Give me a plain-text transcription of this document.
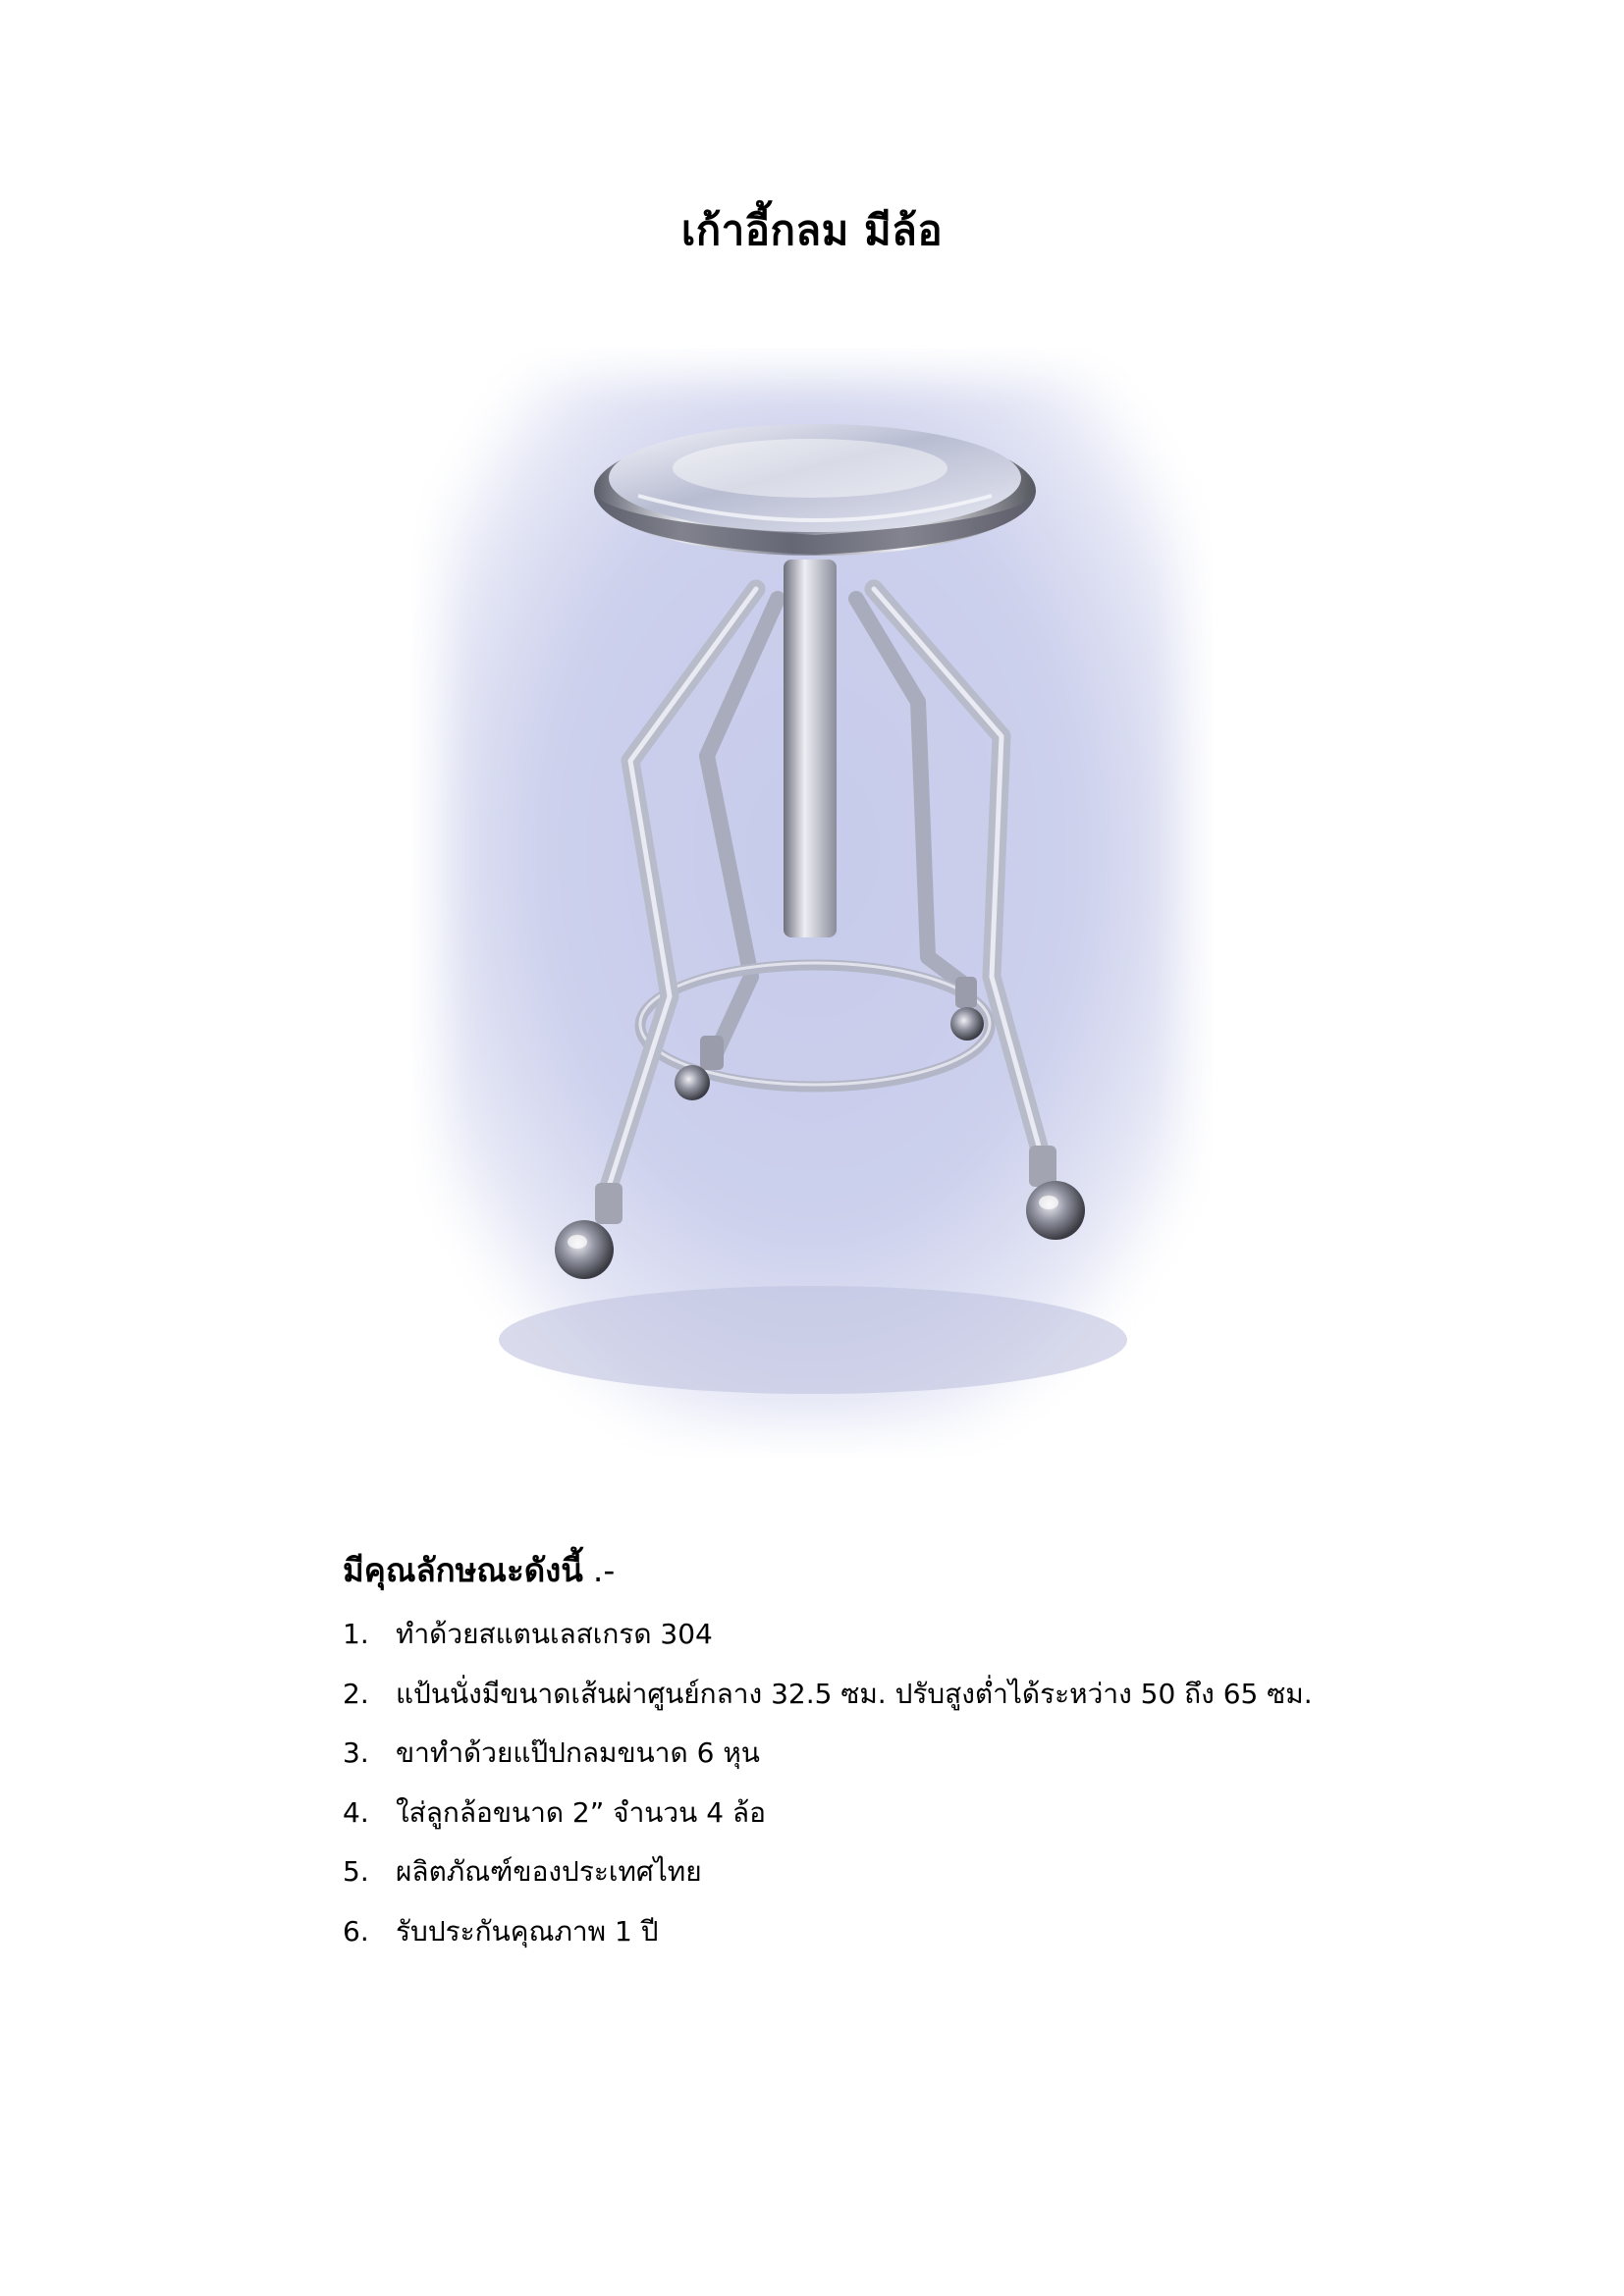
เก้าอี้กลม มีล้อ
มีคุณลักษณะดังนี้ .-
1. ทำด้วยสแตนเลสเกรด 304
2. แป้นนั่งมีขนาดเส้นผ่าศูนย์กลาง 32.5 ซม. ปรับสูงต่ำได้ระหว่าง 50 ถึง 65 ซม.
3. ขาทำด้วยแป๊ปกลมขนาด 6 หุน
4. ใส่ลูกล้อขนาด 2” จำนวน 4 ล้อ
5. ผลิตภัณฑ์ของประเทศไทย
6. รับประกันคุณภาพ 1 ปี
